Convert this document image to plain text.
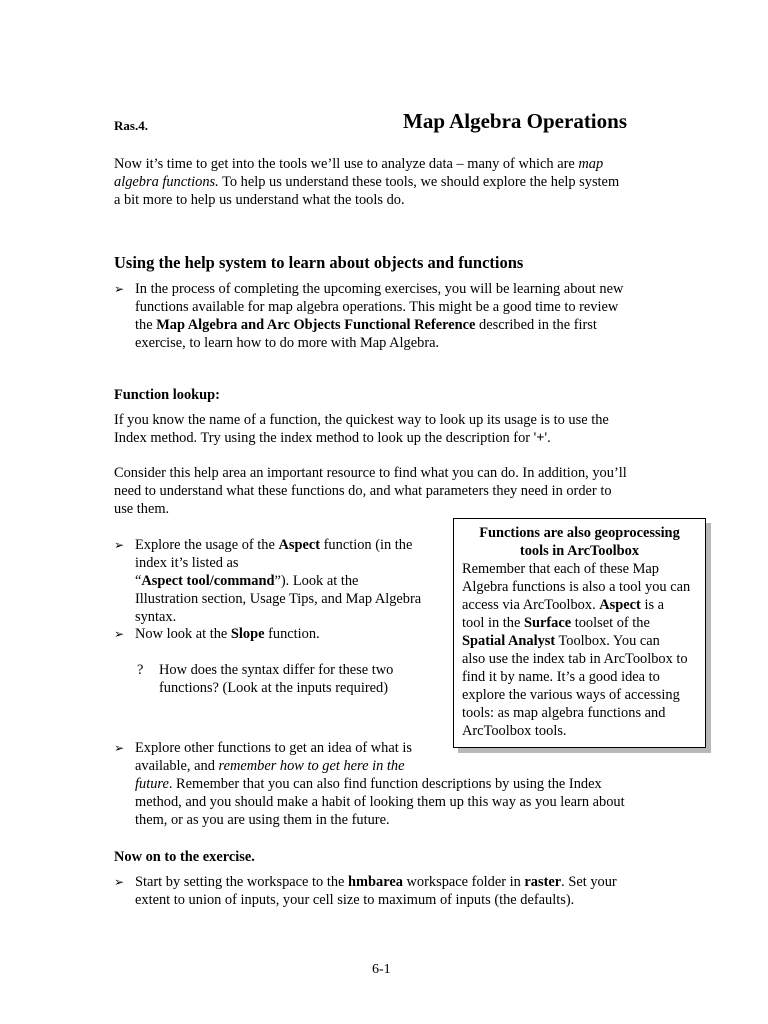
Ras.4.	Map Algebra Operations
Now it’s time to get into the tools we’ll use to analyze data – many of which are map
algebra functions. To help us understand these tools, we should explore the help system
a bit more to help us understand what the tools do.
Using the help system to learn about objects and functions
➢ In the process of completing the upcoming exercises, you will be learning about new
functions available for map algebra operations. This might be a good time to review
the Map Algebra and Arc Objects Functional Reference described in the first
exercise, to learn how to do more with Map Algebra.
Function lookup:
If you know the name of a function, the quickest way to look up its usage is to use the
Index method. Try using the index method to look up the description for '+'.
Consider this help area an important resource to find what you can do. In addition, you’ll
need to understand what these functions do, and what parameters they need in order to
use them.
➢ Explore the usage of the Aspect function (in the
index it’s listed as
“Aspect tool/command”). Look at the
Illustration section, Usage Tips, and Map Algebra
syntax.
➢ Now look at the Slope function.
? How does the syntax differ for these two
functions? (Look at the inputs required)
Functions are also geoprocessing
tools in ArcToolbox
Remember that each of these Map
Algebra functions is also a tool you can
access via ArcToolbox. Aspect is a
tool in the Surface toolset of the
Spatial Analyst Toolbox. You can
also use the index tab in ArcToolbox to
find it by name. It’s a good idea to
explore the various ways of accessing
tools: as map algebra functions and
ArcToolbox tools.
➢ Explore other functions to get an idea of what is
available, and remember how to get here in the
future. Remember that you can also find function descriptions by using the Index
method, and you should make a habit of looking them up this way as you learn about
them, or as you are using them in the future.
Now on to the exercise.
➢ Start by setting the workspace to the hmbarea workspace folder in raster. Set your
extent to union of inputs, your cell size to maximum of inputs (the defaults).
6-1
